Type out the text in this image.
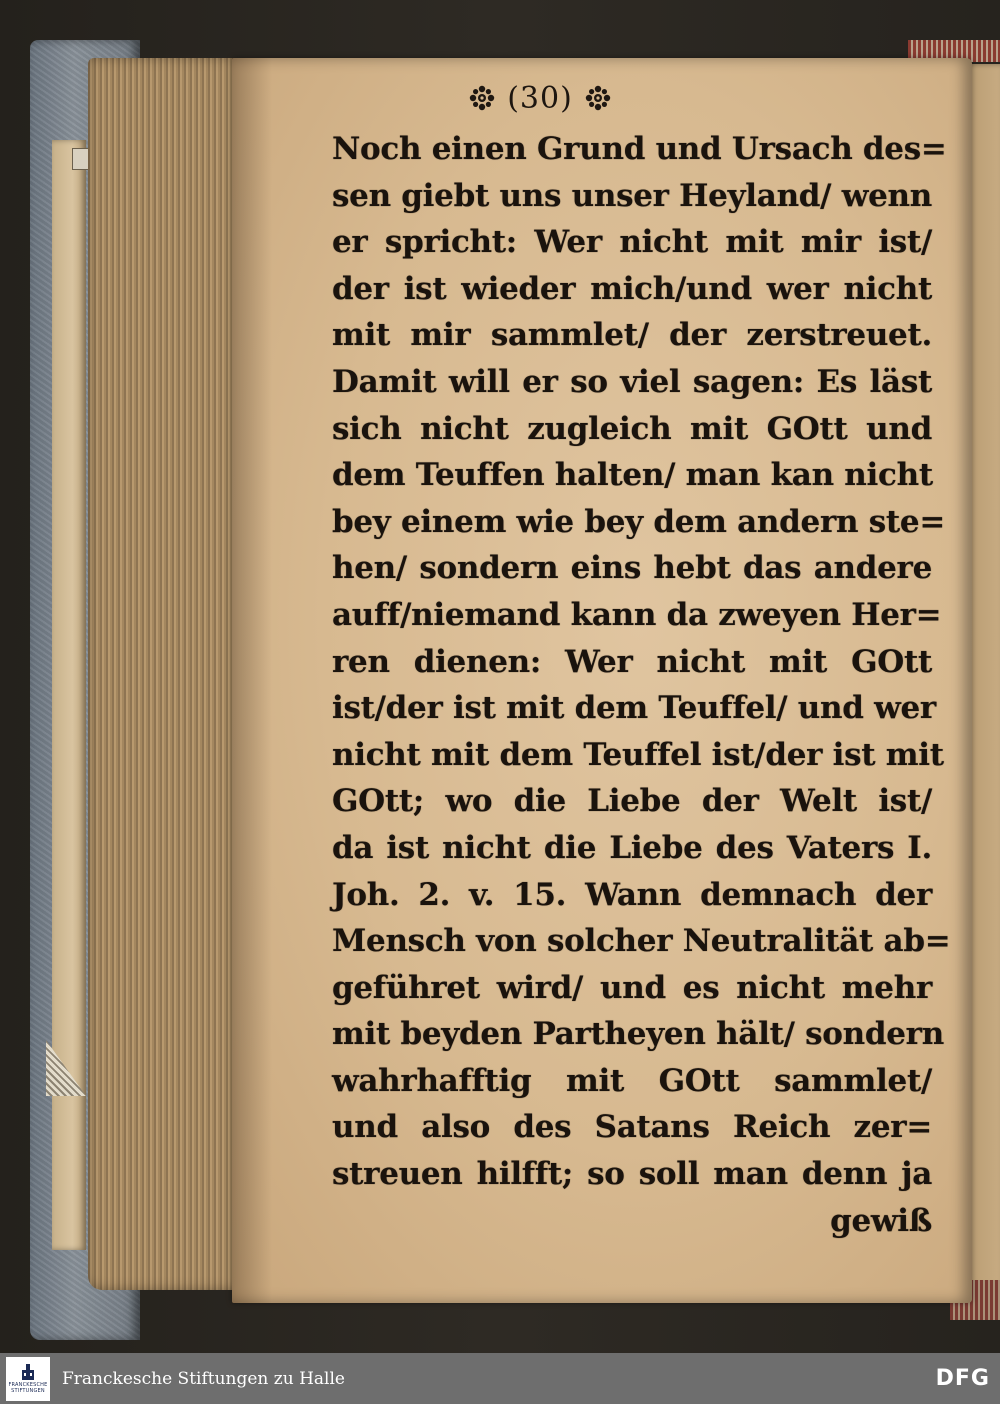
(30)
Noch einen Grund und Ursach des=
sen giebt uns unser Heyland/ wenn
er spricht: Wer nicht mit mir ist/
der ist wieder mich/und wer nicht
mit mir sammlet/ der zerstreuet.
Damit will er so viel sagen: Es läst
sich nicht zugleich mit GOtt und
dem Teuffen halten/ man kan nicht
bey einem wie bey dem andern ste=
hen/ sondern eins hebt das andere
auff/niemand kann da zweyen Her=
ren dienen: Wer nicht mit GOtt
ist/der ist mit dem Teuffel/ und wer
nicht mit dem Teuffel ist/der ist mit
GOtt; wo die Liebe der Welt ist/
da ist nicht die Liebe des Vaters I.
Joh. 2. v. 15. Wann demnach der
Mensch von solcher Neutralität ab=
geführet wird/ und es nicht mehr
mit beyden Partheyen hält/ sondern
wahrhafftig mit GOtt sammlet/
und also des Satans Reich zer=
streuen hilfft; so soll man denn ja
gewiß
FRANCKESCHE
STIFTUNGEN
Franckesche Stiftungen zu Halle	DFG
